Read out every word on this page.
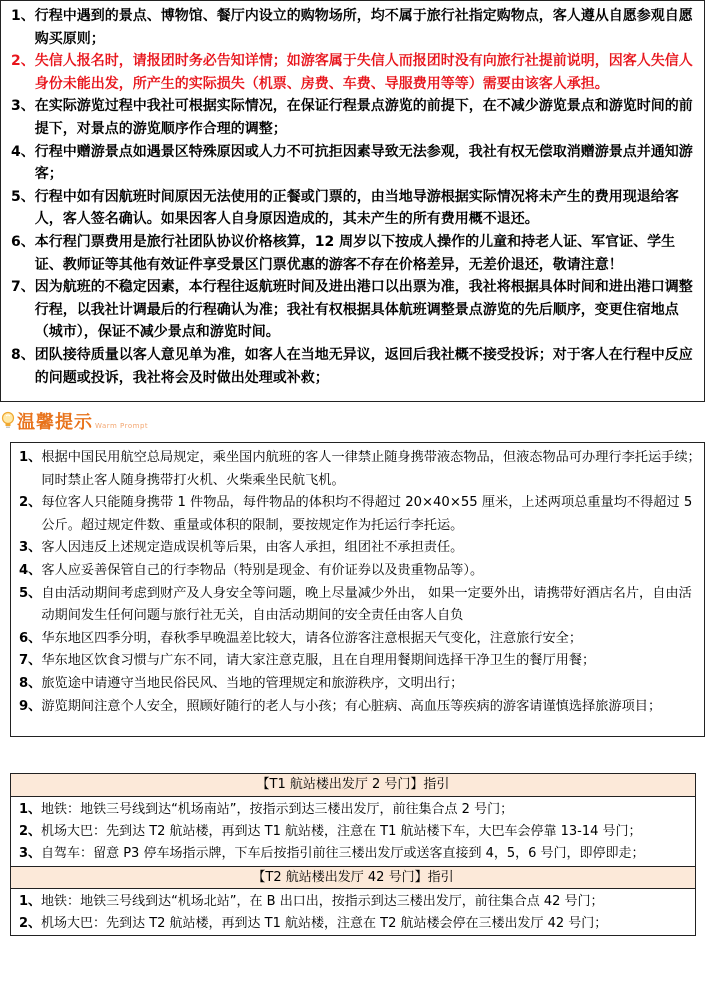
1、 行程中遇到的景点、博物馆、餐厅内设立的购物场所，均不属于旅行社指定购物点，客人遵从自愿参观自愿购买原则；
2、 失信人报名时，请报团时务必告知详情；如游客属于失信人而报团时没有向旅行社提前说明，因客人失信人身份未能出发，所产生的实际损失（机票、房费、车费、导服费用等等）需要由该客人承担。
3、 在实际游览过程中我社可根据实际情况，在保证行程景点游览的前提下，在不减少游览景点和游览时间的前提下，对景点的游览顺序作合理的调整；
4、 行程中赠游景点如遇景区特殊原因或人力不可抗拒因素导致无法参观，我社有权无偿取消赠游景点并通知游客；
5、 行程中如有因航班时间原因无法使用的正餐或门票的，由当地导游根据实际情况将未产生的费用现退给客人，客人签名确认。如果因客人自身原因造成的，其未产生的所有费用概不退还。
6、 本行程门票费用是旅行社团队协议价格核算，12 周岁以下按成人操作的儿童和持老人证、军官证、学生证、教师证等其他有效证件享受景区门票优惠的游客不存在价格差异，无差价退还，敬请注意！
7、 因为航班的不稳定因素，本行程往返航班时间及进出港口以出票为准，我社将根据具体时间和进出港口调整行程，以我社计调最后的行程确认为准；我社有权根据具体航班调整景点游览的先后顺序，变更住宿地点（城市），保证不减少景点和游览时间。
8、 团队接待质量以客人意见单为准，如客人在当地无异议，返回后我社概不接受投诉；对于客人在行程中反应的问题或投诉，我社将会及时做出处理或补救；
温馨提示 Warm Prompt
1、 根据中国民用航空总局规定，乘坐国内航班的客人一律禁止随身携带液态物品，但液态物品可办理行李托运手续；同时禁止客人随身携带打火机、火柴乘坐民航飞机。
2、 每位客人只能随身携带 1 件物品，每件物品的体积均不得超过 20×40×55 厘米，上述两项总重量均不得超过 5 公斤。超过规定件数、重量或体积的限制，要按规定作为托运行李托运。
3、 客人因违反上述规定造成误机等后果，由客人承担，组团社不承担责任。
4、 客人应妥善保管自己的行李物品（特别是现金、有价证券以及贵重物品等）。
5、 自由活动期间考虑到财产及人身安全等问题，晚上尽量减少外出， 如果一定要外出，请携带好酒店名片，自由活动期间发生任何问题与旅行社无关，自由活动期间的安全责任由客人自负
6、 华东地区四季分明，春秋季早晚温差比较大，请各位游客注意根据天气变化，注意旅行安全；
7、 华东地区饮食习惯与广东不同，请大家注意克服，且在自理用餐期间选择干净卫生的餐厅用餐；
8、 旅览途中请遵守当地民俗民风、当地的管理规定和旅游秩序，文明出行；
9、 游览期间注意个人安全，照顾好随行的老人与小孩；有心脏病、高血压等疾病的游客请谨慎选择旅游项目；
【T1 航站楼出发厅 2 号门】指引
1、地铁：地铁三号线到达“机场南站”，按指示到达三楼出发厅，前往集合点 2 号门；
2、机场大巴：先到达 T2 航站楼，再到达 T1 航站楼，注意在 T1 航站楼下车，大巴车会停靠 13-14 号门；
3、自驾车：留意 P3 停车场指示牌，下车后按指引前往三楼出发厅或送客直接到 4，5，6 号门，即停即走；
【T2 航站楼出发厅 42 号门】指引
1、地铁：地铁三号线到达“机场北站”，在 B 出口出，按指示到达三楼出发厅，前往集合点 42 号门；
2、机场大巴：先到达 T2 航站楼，再到达 T1 航站楼，注意在 T2 航站楼会停在三楼出发厅 42 号门；
